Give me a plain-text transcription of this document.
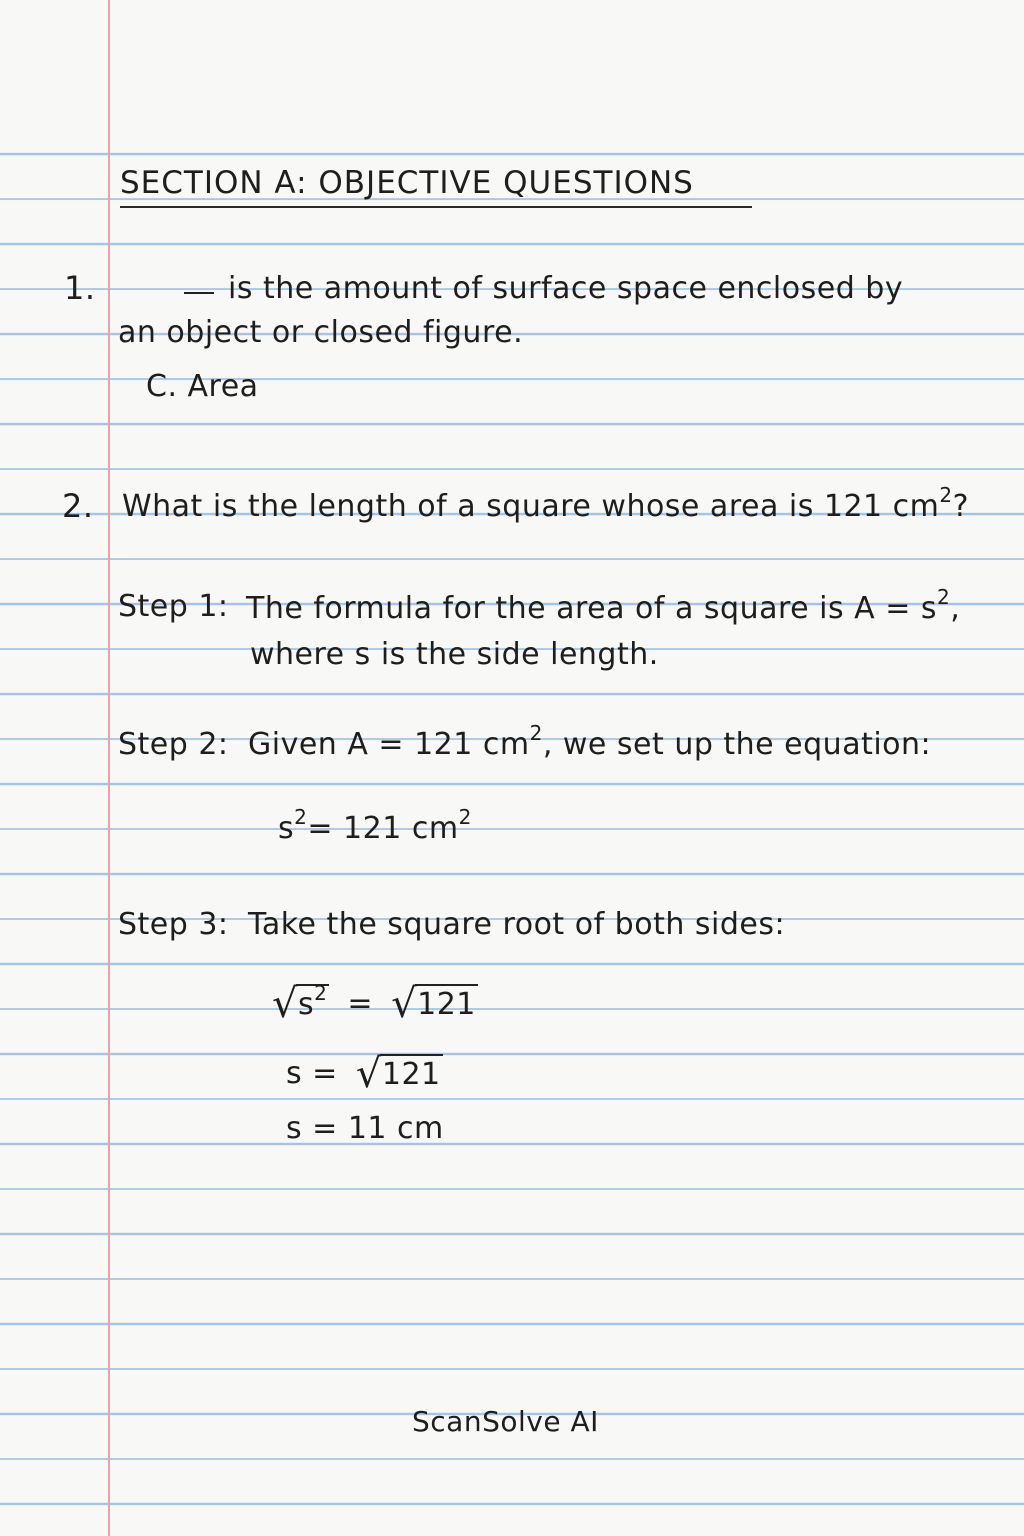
SECTION A: OBJECTIVE QUESTIONS
1.	is the amount of surface space enclosed by
an object or closed figure.
C. Area
2. What is the length of a square whose area is 121 $cm^2$?
Step 1: The formula for the area of a square is $A = s^2$,
where s is the side length.
Step 2: Given A = 121 $cm^2$, we set up the equation:
$s^2= 121$ $cm^2$
Step 3: Take the square root of both sides:
√ $s^2$ = √ 121
s = √ 121
s = 11 cm
ScanSolve AI
